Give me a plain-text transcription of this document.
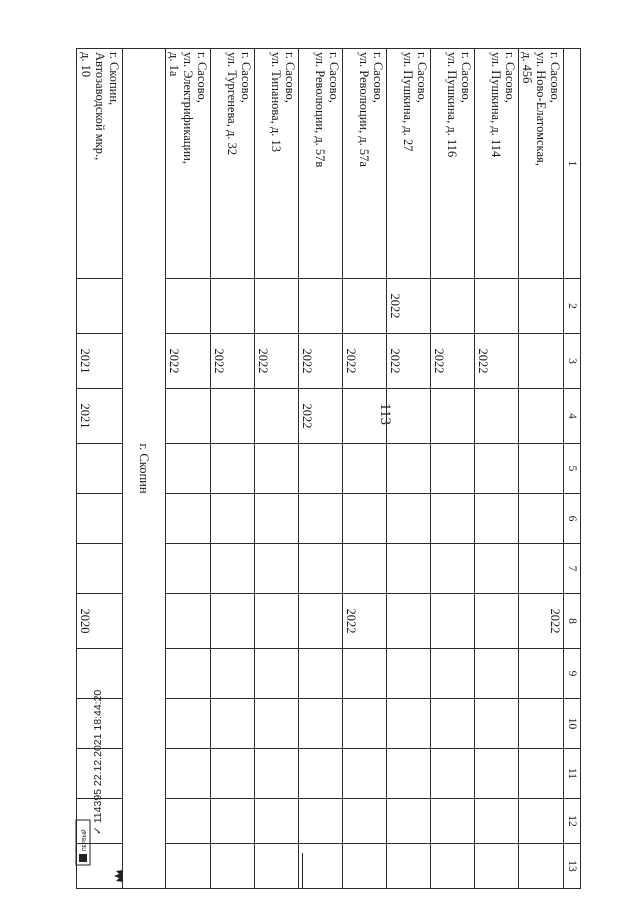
113
1	2	3	4	5	6	7	8	9	10	11	12	13

г. Сасово,
ул. Ново-Елатомская,
д. 45б							2022					

г. Сасово,
ул. Пушкина, д. 114		2022										

г. Сасово,
ул. Пушкина, д. 116		2022										

г. Сасово,
ул. Пушкина, д. 27	2022	2022										

г. Сасово,
ул. Революции, д. 57а		2022					2022					

г. Сасово,
ул. Революции, д. 57в		2022	2022									

г. Сасово,
ул. Типанова, д. 13		2022										

г. Сасово,
ул. Тургенева, д. 32		2022										

г. Сасово,
ул. Электрификации,
д. 1а		2022										
г. Скопин												

г. Скопин,
Автозаводской мкр.,
д. 10		2021	2021				2020					
ПЕРВЫЙ ✓ 114395 22.12.2021 18:44:20
